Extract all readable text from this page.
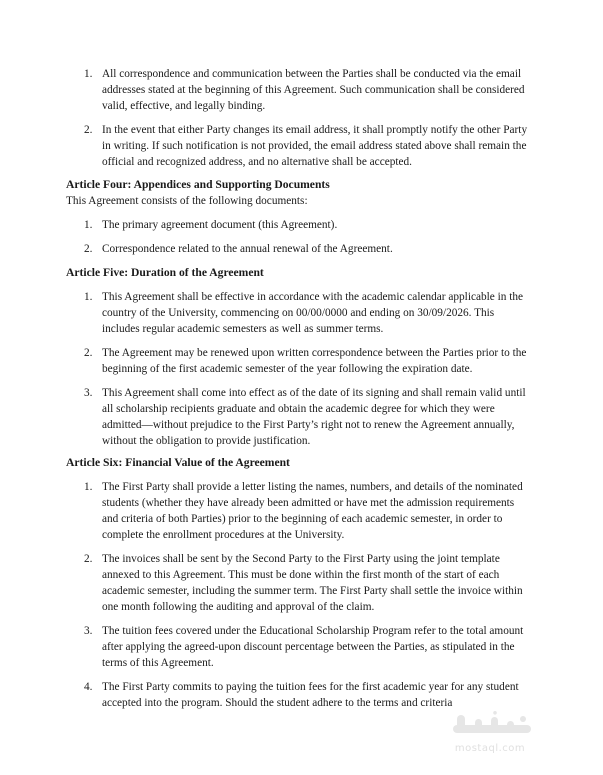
1. All correspondence and communication between the Parties shall be conducted via the email addresses stated at the beginning of this Agreement. Such communication shall be considered valid, effective, and legally binding.
2. In the event that either Party changes its email address, it shall promptly notify the other Party in writing. If such notification is not provided, the email address stated above shall remain the official and recognized address, and no alternative shall be accepted.
Article Four: Appendices and Supporting Documents
This Agreement consists of the following documents:
1. The primary agreement document (this Agreement).
2. Correspondence related to the annual renewal of the Agreement.
Article Five: Duration of the Agreement
1. This Agreement shall be effective in accordance with the academic calendar applicable in the country of the University, commencing on 00/00/0000 and ending on 30/09/2026. This includes regular academic semesters as well as summer terms.
2. The Agreement may be renewed upon written correspondence between the Parties prior to the beginning of the first academic semester of the year following the expiration date.
3. This Agreement shall come into effect as of the date of its signing and shall remain valid until all scholarship recipients graduate and obtain the academic degree for which they were admitted—without prejudice to the First Party’s right not to renew the Agreement annually, without the obligation to provide justification.
Article Six: Financial Value of the Agreement
1. The First Party shall provide a letter listing the names, numbers, and details of the nominated students (whether they have already been admitted or have met the admission requirements and criteria of both Parties) prior to the beginning of each academic semester, in order to complete the enrollment procedures at the University.
2. The invoices shall be sent by the Second Party to the First Party using the joint template annexed to this Agreement. This must be done within the first month of the start of each academic semester, including the summer term. The First Party shall settle the invoice within one month following the auditing and approval of the claim.
3. The tuition fees covered under the Educational Scholarship Program refer to the total amount after applying the agreed-upon discount percentage between the Parties, as stipulated in the terms of this Agreement.
4. The First Party commits to paying the tuition fees for the first academic year for any student accepted into the program. Should the student adhere to the terms and criteria
mostaql.com
